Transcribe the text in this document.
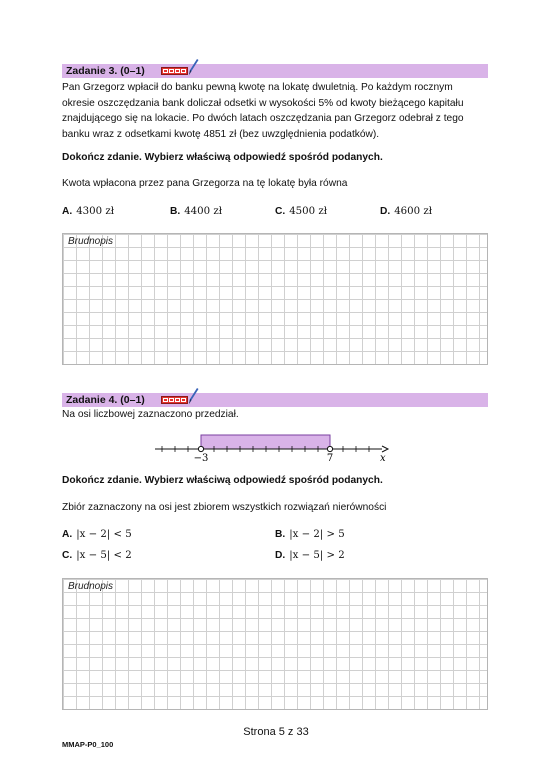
Zadanie 3. (0–1)
Pan Grzegorz wpłacił do banku pewną kwotę na lokatę dwuletnią. Po każdym rocznym
okresie oszczędzania bank doliczał odsetki w wysokości 5% od kwoty bieżącego kapitału
znajdującego się na lokacie. Po dwóch latach oszczędzania pan Grzegorz odebrał z tego
banku wraz z odsetkami kwotę 4851 zł (bez uwzględnienia podatków).
Dokończ zdanie. Wybierz właściwą odpowiedź spośród podanych.
Kwota wpłacona przez pana Grzegorza na tę lokatę była równa
A. 4300 zł	B. 4400 zł	C. 4500 zł	D. 4600 zł
Brudnopis
Zadanie 4. (0–1)
Na osi liczbowej zaznaczono przedział.
−3	7	x
Dokończ zdanie. Wybierz właściwą odpowiedź spośród podanych.
Zbiór zaznaczony na osi jest zbiorem wszystkich rozwiązań nierówności
A. |x − 2| < 5	B. |x − 2| > 5
C. |x − 5| < 2	D. |x − 5| > 2
Brudnopis
Strona 5 z 33
MMAP-P0_100
